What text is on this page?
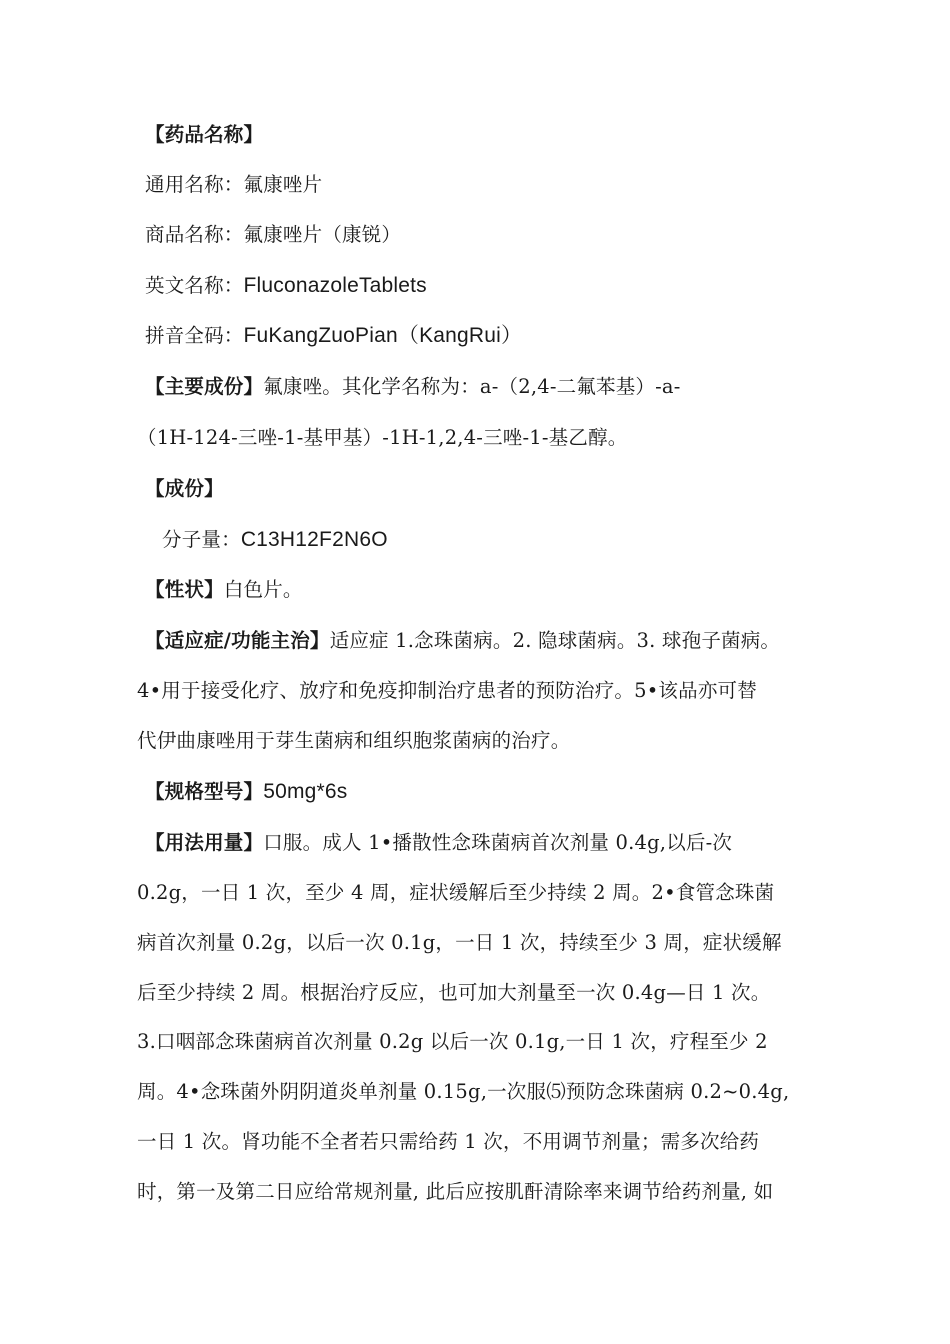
【药品名称】
通用名称：氟康唑片
商品名称：氟康唑片（康锐）
英文名称：FluconazoleTablets
拼音全码：FuKangZuoPian（KangRui）
【主要成份】氟康唑。其化学名称为：a-（2,4-二氟苯基）-a-
（1H-124-三唑-1-基甲基）-1H-1,2,4-三唑-1-基乙醇。
【成份】
分子量：C13H12F2N6O
【性状】白色片。
【适应症/功能主治】适应症 1.念珠菌病。2. 隐球菌病。3. 球孢子菌病。
4•用于接受化疗、放疗和免疫抑制治疗患者的预防治疗。5•该品亦可替
代伊曲康唑用于芽生菌病和组织胞浆菌病的治疗。
【规格型号】50mg*6s
【用法用量】口服。成人 1•播散性念珠菌病首次剂量 0.4g,以后-次
0.2g，一日 1 次，至少 4 周，症状缓解后至少持续 2 周。2•食管念珠菌
病首次剂量 0.2g，以后一次 0.1g，一日 1 次，持续至少 3 周，症状缓解
后至少持续 2 周。根据治疗反应，也可加大剂量至一次 0.4g—日 1 次。
3.口咽部念珠菌病首次剂量 0.2g 以后一次 0.1g,一日 1 次，疗程至少 2
周。4•念珠菌外阴阴道炎单剂量 0.15g,一次服⑸预防念珠菌病 0.2~0.4g,
一日 1 次。肾功能不全者若只需给药 1 次，不用调节剂量；需多次给药
时，第一及第二日应给常规剂量, 此后应按肌酐清除率来调节给药剂量, 如
